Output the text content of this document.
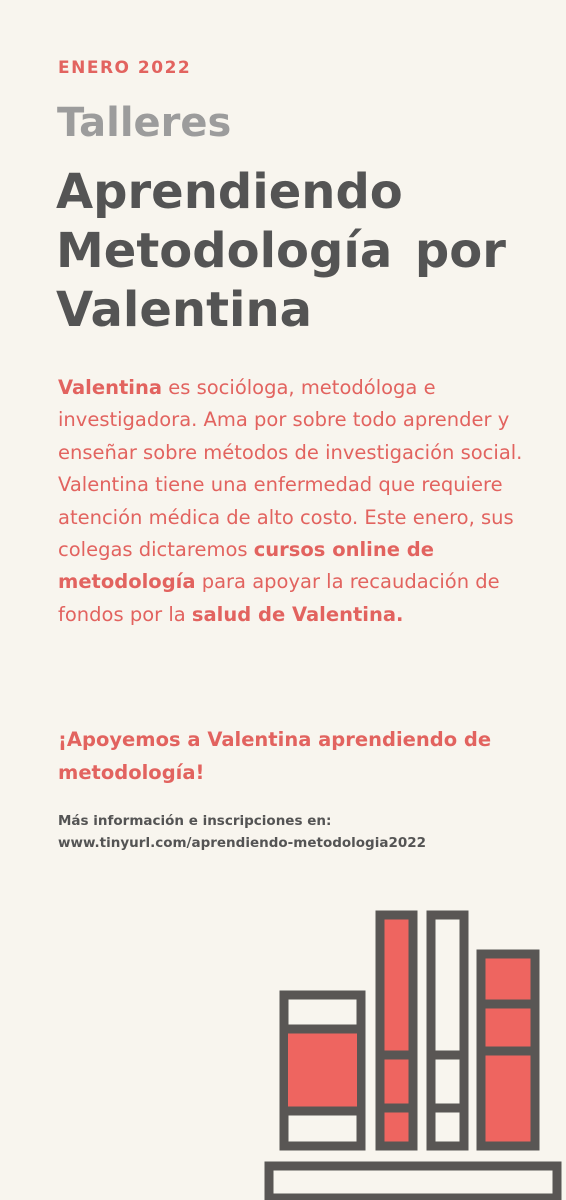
ENERO 2022
Talleres
Aprendiendo
Metodología por
Valentina

Valentina es socióloga, metodóloga e investigadora. Ama por sobre todo aprender y enseñar sobre métodos de investigación social. Valentina tiene una enfermedad que requiere atención médica de alto costo. Este enero, sus colegas dictaremos cursos online de metodología para apoyar la recaudación de fondos por la salud de Valentina.

¡Apoyemos a Valentina aprendiendo de metodología!

Más información e inscripciones en:
www.tinyurl.com/aprendiendo-metodologia2022
